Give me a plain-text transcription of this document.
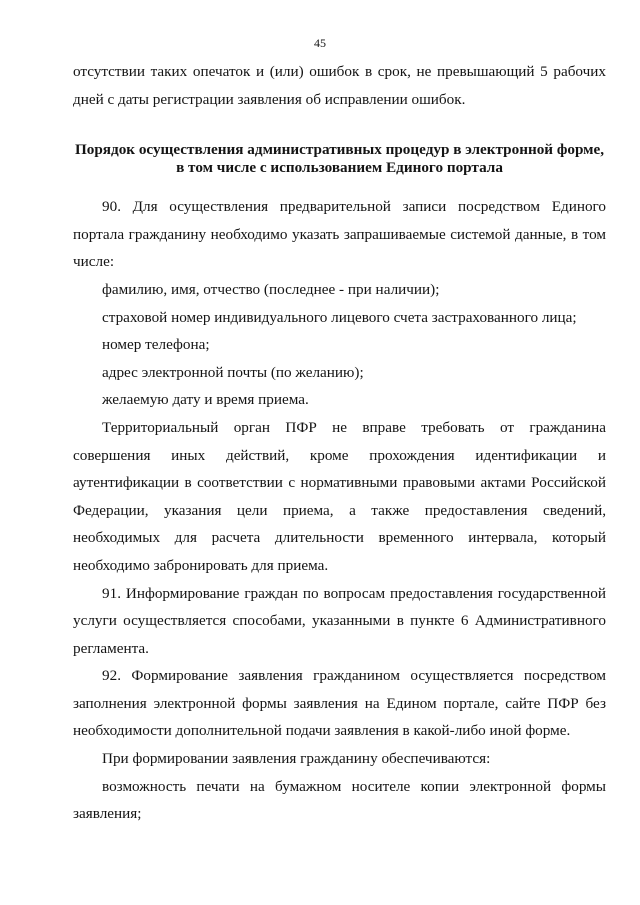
45

отсутствии таких опечаток и (или) ошибок в срок, не превышающий 5 рабочих дней с даты регистрации заявления об исправлении ошибок.

Порядок осуществления административных процедур в электронной форме,
в том числе с использованием Единого портала

90. Для осуществления предварительной записи посредством Единого портала гражданину необходимо указать запрашиваемые системой данные, в том числе:

фамилию, имя, отчество (последнее - при наличии);

страховой номер индивидуального лицевого счета застрахованного лица;

номер телефона;

адрес электронной почты (по желанию);

желаемую дату и время приема.

Территориальный орган ПФР не вправе требовать от гражданина совершения иных действий, кроме прохождения идентификации и аутентификации в соответствии с нормативными правовыми актами Российской Федерации, указания цели приема, а также предоставления сведений, необходимых для расчета длительности временного интервала, который необходимо забронировать для приема.

91. Информирование граждан по вопросам предоставления государственной услуги осуществляется способами, указанными в пункте 6 Административного регламента.

92. Формирование заявления гражданином осуществляется посредством заполнения электронной формы заявления на Едином портале, сайте ПФР без необходимости дополнительной подачи заявления в какой-либо иной форме.

При формировании заявления гражданину обеспечиваются:

возможность печати на бумажном носителе копии электронной формы заявления;
